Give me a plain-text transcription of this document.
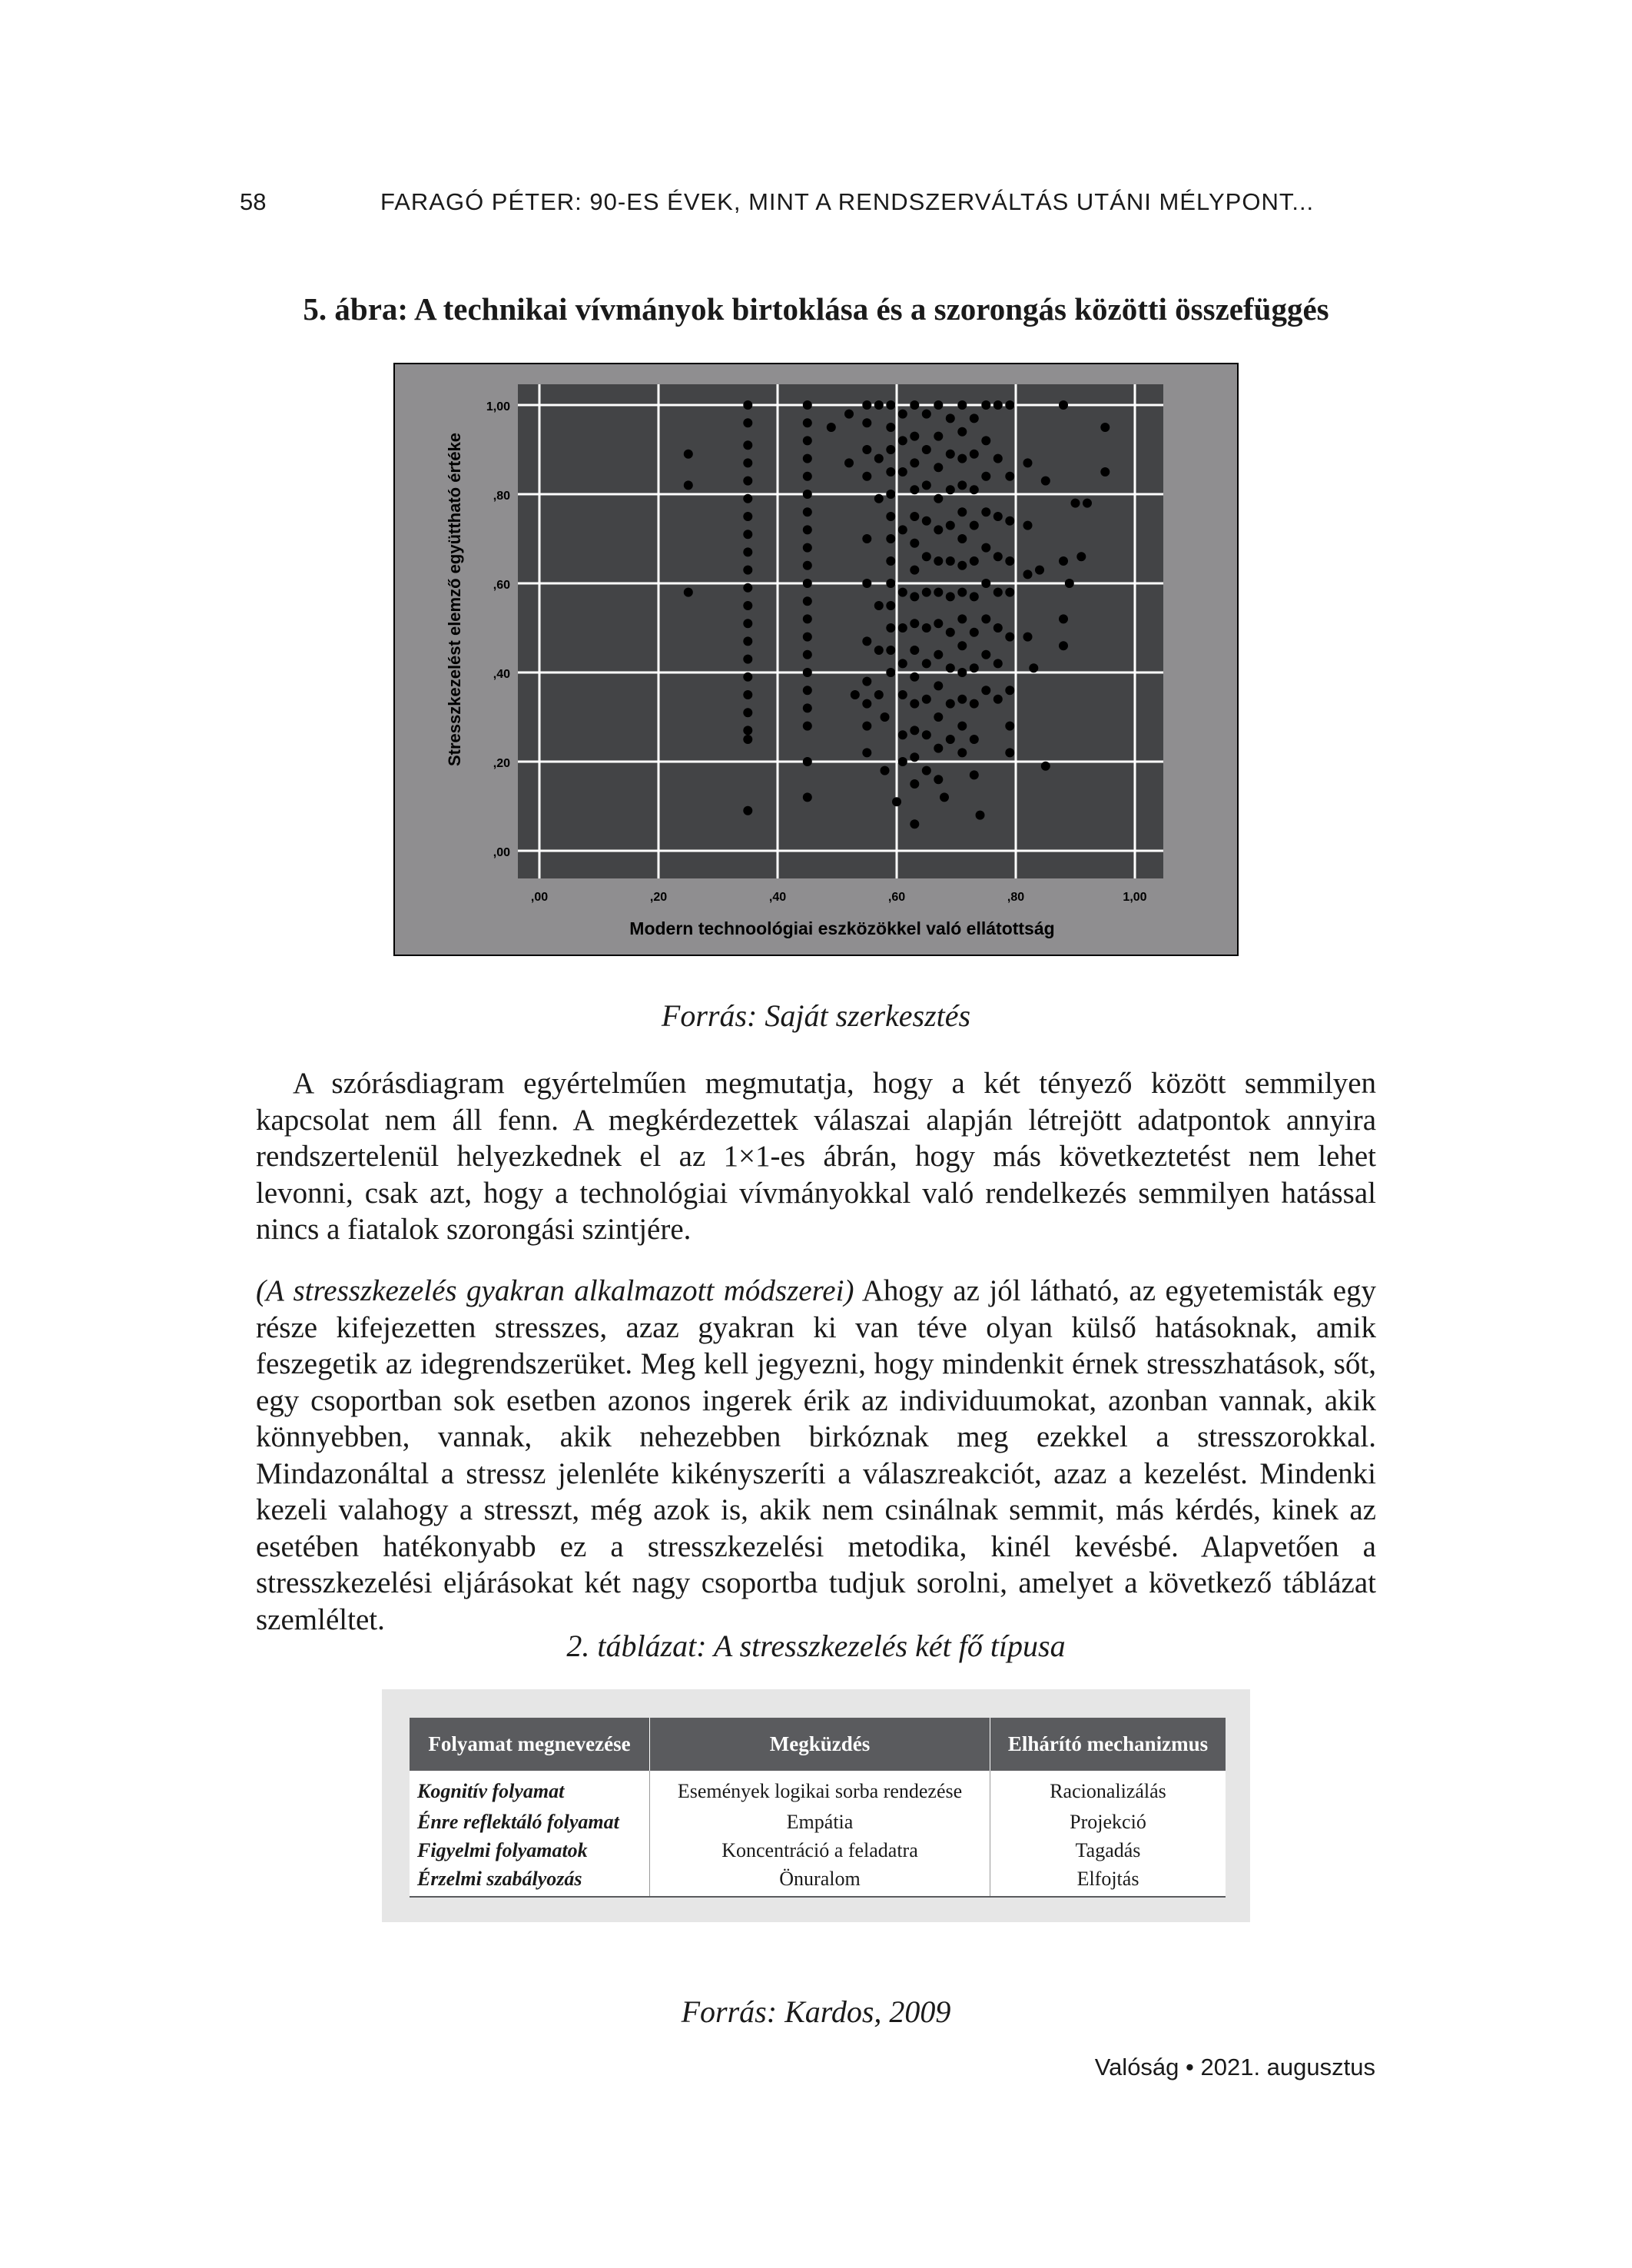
58	FARAGÓ PÉTER: 90-ES ÉVEK, MINT A RENDSZERVÁLTÁS UTÁNI MÉLYPONT...
5. ábra: A technikai vívmányok birtoklása és a szorongás közötti összefüggés
,00
,20
,40
,60
,80
1,00
,00	,20	,40	,60	,80	1,00
Stresszkezelést elemző együttható értéke
Modern technoológiai eszközökkel való ellátottság
Forrás: Saját szerkesztés

A szórásdiagram egyértelműen megmutatja, hogy a két tényező között semmilyen kapcsolat nem áll fenn. A megkérdezettek válaszai alapján létrejött adatpontok annyira rendszertelenül helyezkednek el az 1×1-es ábrán, hogy más következtetést nem lehet levonni, csak azt, hogy a technológiai vívmányokkal való rendelkezés semmilyen hatással nincs a fiatalok szorongási szintjére.

(A stresszkezelés gyakran alkalmazott módszerei) Ahogy az jól látható, az egyetemisták egy része kifejezetten stresszes, azaz gyakran ki van téve olyan külső hatásoknak, amik feszegetik az idegrendszerüket. Meg kell jegyezni, hogy mindenkit érnek stresszhatások, sőt, egy csoportban sok esetben azonos ingerek érik az individuumokat, azonban vannak, akik könnyebben, vannak, akik nehezebben birkóznak meg ezekkel a stresszorokkal. Mindazonáltal a stressz jelenléte kikényszeríti a válaszreakciót, azaz a kezelést. Mindenki kezeli valahogy a stresszt, még azok is, akik nem csinálnak semmit, más kérdés, kinek az esetében hatékonyabb ez a stresszkezelési metodika, kinél kevésbé. Alapvetően a stresszkezelési eljárásokat két nagy csoportba tudjuk sorolni, amelyet a következő táblázat szemléltet.

2. táblázat: A stresszkezelés két fő típusa
Folyamat megnevezése	Megküzdés	Elhárító mechanizmus
Kognitív folyamat	Események logikai sorba rendezése	Racionalizálás
Énre reflektáló folyamat	Empátia	Projekció
Figyelmi folyamatok	Koncentráció a feladatra	Tagadás
Érzelmi szabályozás	Önuralom	Elfojtás
Forrás: Kardos, 2009
Valóság • 2021. augusztus
